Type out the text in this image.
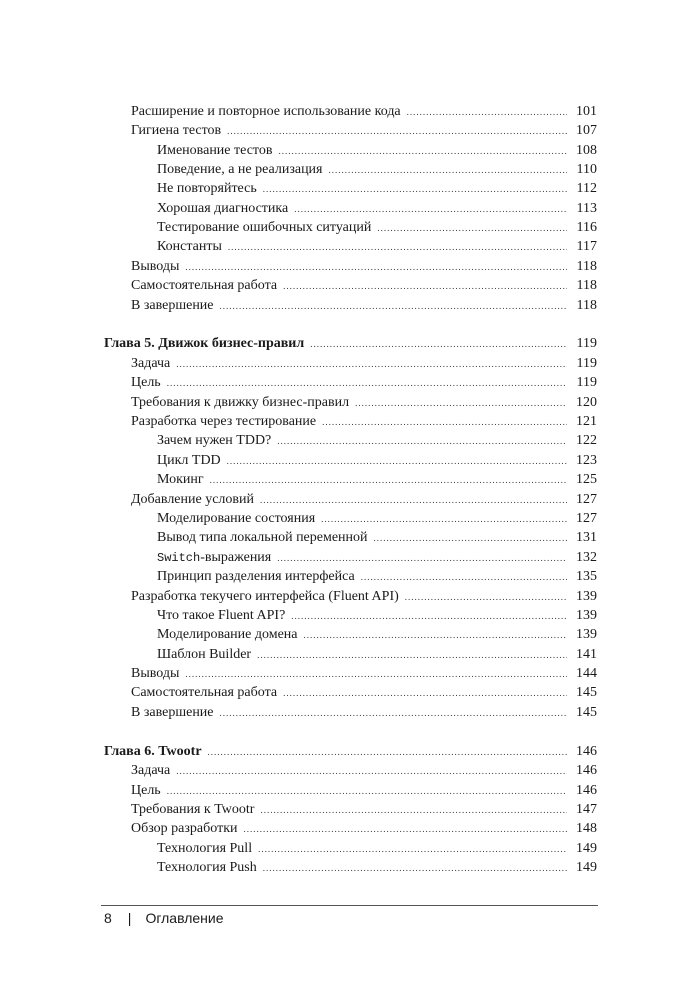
Расширение и повторное использование кода .....	101
Гигиена тестов .....	107
Именование тестов .....	108
Поведение, а не реализация .....	110
Не повторяйтесь .....	112
Хорошая диагностика .....	113
Тестирование ошибочных ситуаций .....	116
Константы .....	117
Выводы .....	118
Самостоятельная работа .....	118
В завершение .....	118
Глава 5. Движок бизнес-правил .....	119
Задача .....	119
Цель .....	119
Требования к движку бизнес-правил .....	120
Разработка через тестирование .....	121
Зачем нужен TDD? .....	122
Цикл TDD .....	123
Мокинг .....	125
Добавление условий .....	127
Моделирование состояния .....	127
Вывод типа локальной переменной .....	131
Switch-выражения .....	132
Принцип разделения интерфейса .....	135
Разработка текучего интерфейса (Fluent API) .....	139
Что такое Fluent API? .....	139
Моделирование домена .....	139
Шаблон Builder .....	141
Выводы .....	144
Самостоятельная работа .....	145
В завершение .....	145
Глава 6. Twootr .....	146
Задача .....	146
Цель .....	146
Требования к Twootr .....	147
Обзор разработки .....	148
Технология Pull .....	149
Технология Push .....	149
8 | Оглавление
